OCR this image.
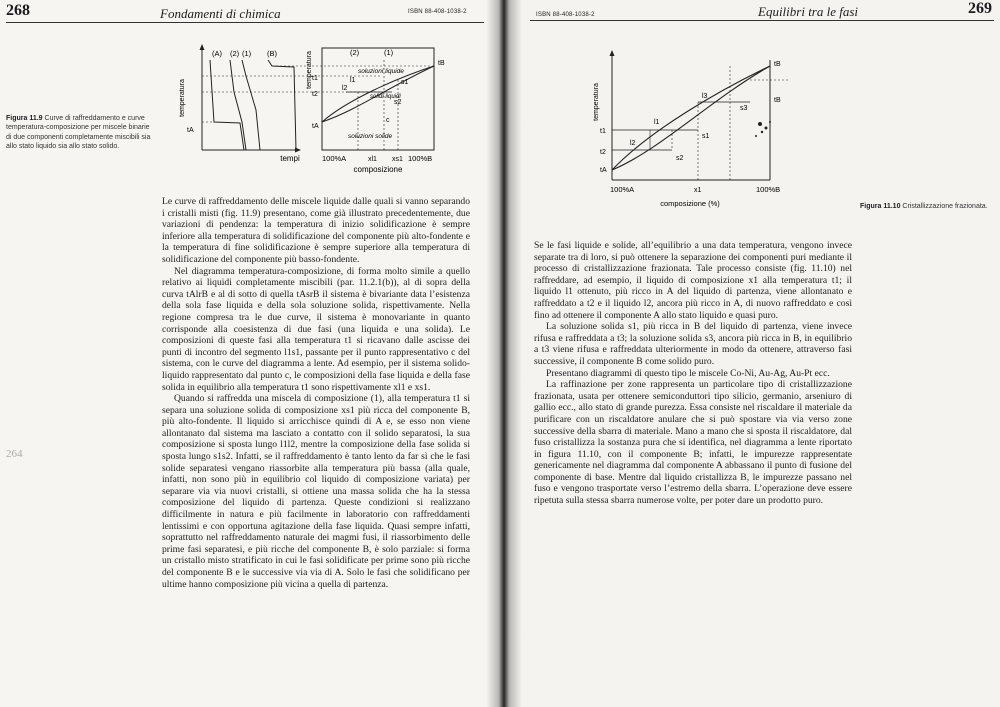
268	Fondamenti di chimica	ISBN 88-408-1038-2
temperatura
tempi
(A) (2) (1) (B)
tA
temperatura	(2)	(1)
tB
t1
t2
tA
l1	s1
l2
s2
c
soluzioni liquide
solidi liquidi
soluzioni solide
100%A	xl1 xs1 100%B
composizione
Figura 11.9 Curve di raffreddamento e curve temperatura-composizione per miscele binarie di due componenti completamente miscibili sia allo stato liquido sia allo stato solido.
264

Le curve di raffreddamento delle miscele liquide dalle quali si vanno separando i cristalli misti (fig. 11.9) presentano, come già illustrato precedentemente, due variazioni di pendenza: la temperatura di inizio solidificazione è sempre inferiore alla temperatura di solidificazione del componente più alto-fondente e la temperatura di fine solidificazione è sempre superiore alla temperatura di solidificazione del componente più basso-fondente.

Nel diagramma temperatura-composizione, di forma molto simile a quello relativo ai liquidi completamente miscibili (par. 11.2.1(b)), al di sopra della curva tAlrB e al di sotto di quella tAsrB il sistema è bivariante data l’esistenza della sola fase liquida e della sola soluzione solida, rispettivamente. Nella regione compresa tra le due curve, il sistema è monovariante in quanto corrisponde alla coesistenza di due fasi (una liquida e una solida). Le composizioni di queste fasi alla temperatura t1 si ricavano dalle ascisse dei punti di incontro del segmento l1s1, passante per il punto rappresentativo c del sistema, con le curve del diagramma a lente. Ad esempio, per il sistema solido-liquido rappresentato dal punto c, le composizioni della fase liquida e della fase solida in equilibrio alla temperatura t1 sono rispettivamente xl1 e xs1.

Quando si raffredda una miscela di composizione (1), alla temperatura t1 si separa una soluzione solida di composizione xs1 più ricca del componente B, più alto-fondente. Il liquido si arricchisce quindi di A e, se esso non viene allontanato dal sistema ma lasciato a contatto con il solido separatosi, la sua composizione si sposta lungo l1l2, mentre la composizione della fase solida si sposta lungo s1s2. Infatti, se il raffreddamento è tanto lento da far sì che le fasi solide separatesi vengano riassorbite alla temperatura più bassa (alla quale, infatti, non sono più in equilibrio col liquido di composizione variata) per separare via via nuovi cristalli, si ottiene una massa solida che ha la stessa composizione del liquido di partenza. Queste condizioni si realizzano difficilmente in natura e più facilmente in laboratorio con raffreddamenti lentissimi e con opportuna agitazione della fase liquida. Quasi sempre infatti, soprattutto nel raffreddamento naturale dei magmi fusi, il riassorbimento delle prime fasi separatesi, e più ricche del componente B, è solo parziale: si forma un cristallo misto stratificato in cui le fasi solidificate per prime sono più ricche del componente B e le successive via via di A. Solo le fasi che solidificano per ultime hanno composizione più vicina a quella di partenza.

ISBN 88-408-1038-2	Equilibri tra le fasi	269
temperatura
tB
tB
t1
t2
tA
l1
l2
s1
s2
l3
s3
100%A	x1	100%B
composizione (%)	Figura 11.10 Cristallizzazione frazionata.

Se le fasi liquide e solide, all’equilibrio a una data temperatura, vengono invece separate tra di loro, si può ottenere la separazione dei componenti puri mediante il processo di cristallizzazione frazionata. Tale processo consiste (fig. 11.10) nel raffreddare, ad esempio, il liquido di composizione x1 alla temperatura t1; il liquido l1 ottenuto, più ricco in A del liquido di partenza, viene allontanato e raffreddato a t2 e il liquido l2, ancora più ricco in A, di nuovo raffreddato e così fino ad ottenere il componente A allo stato liquido e quasi puro.

La soluzione solida s1, più ricca in B del liquido di partenza, viene invece rifusa e raffreddata a t3; la soluzione solida s3, ancora più ricca in B, in equilibrio a t3 viene rifusa e raffreddata ulteriormente in modo da ottenere, attraverso fasi successive, il componente B come solido puro.

Presentano diagrammi di questo tipo le miscele Co-Ni, Au-Ag, Au-Pt ecc.

La raffinazione per zone rappresenta un particolare tipo di cristallizzazione frazionata, usata per ottenere semiconduttori tipo silicio, germanio, arseniuro di gallio ecc., allo stato di grande purezza. Essa consiste nel riscaldare il materiale da purificare con un riscaldatore anulare che si può spostare via via verso zone successive della sbarra di materiale. Mano a mano che si sposta il riscaldatore, dal fuso cristallizza la sostanza pura che si identifica, nel diagramma a lente riportato in figura 11.10, con il componente B; infatti, le impurezze rappresentate genericamente nel diagramma dal componente A abbassano il punto di fusione del componente di base. Mentre dal liquido cristallizza B, le impurezze passano nel fuso e vengono trasportate verso l’estremo della sbarra. L’operazione deve essere ripetuta sulla stessa sbarra numerose volte, per poter dare un prodotto puro.
